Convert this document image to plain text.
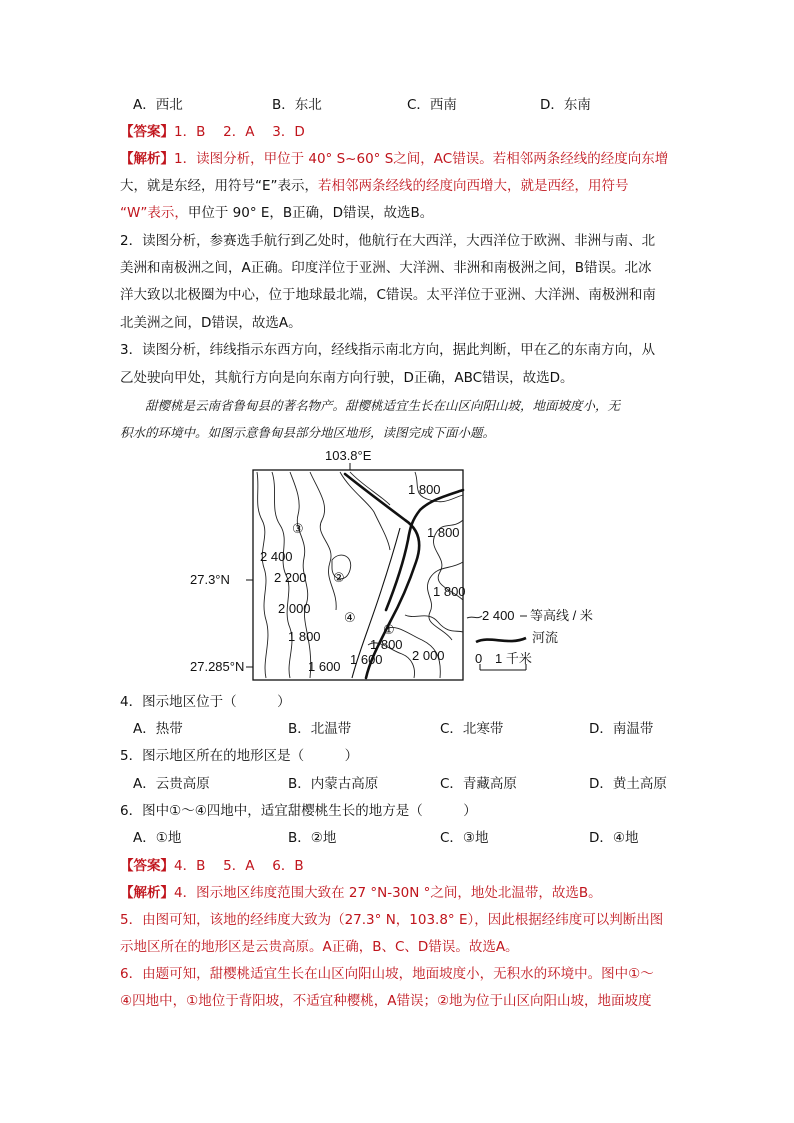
A．西北	B．东北	C．西南	D．东南
【答案】1．B　 2．A　 3．D
【解析】1．读图分析，甲位于 40° S~60° S之间，AC错误。若相邻两条经线的经度向东增
大，就是东经，用符号“E”表示，若相邻两条经线的经度向西增大，就是西经，用符号
“W”表示，甲位于 90° E，B正确，D错误，故选B。
2．读图分析，参赛选手航行到乙处时，他航行在大西洋，大西洋位于欧洲、非洲与南、北
美洲和南极洲之间，A正确。印度洋位于亚洲、大洋洲、非洲和南极洲之间，B错误。北冰
洋大致以北极圈为中心，位于地球最北端，C错误。太平洋位于亚洲、大洋洲、南极洲和南
北美洲之间，D错误，故选A。
3．读图分析，纬线指示东西方向，经线指示南北方向，据此判断，甲在乙的东南方向，从
乙处驶向甲处，其航行方向是向东南方向行驶，D正确，ABC错误，故选D。
甜樱桃是云南省鲁甸县的著名物产。甜樱桃适宜生长在山区向阳山坡，地面坡度小，无
积水的环境中。如图示意鲁甸县部分地区地形，读图完成下面小题。
103.8°E
27.3°N
27.285°N
1 800
1 800
2 400
2 200
2 000
1 800
1 600
1 800
1 800
1 600 2 000
③
②
④
①
2 400 等高线 / 米
河流
0 1 千米
4．图示地区位于（　　　）
A．热带	B．北温带	C．北寒带	D．南温带
5．图示地区所在的地形区是（　　　）
A．云贵高原	B．内蒙古高原	C．青藏高原	D．黄土高原
6．图中①～④四地中，适宜甜樱桃生长的地方是（　　　）
A．①地	B．②地	C．③地	D．④地
【答案】4．B　 5．A　 6．B
【解析】4．图示地区纬度范围大致在 27 °N-30N °之间，地处北温带，故选B。
5．由图可知，该地的经纬度大致为（27.3° N，103.8° E），因此根据经纬度可以判断出图
示地区所在的地形区是云贵高原。A正确，B、C、D错误。故选A。
6．由题可知，甜樱桃适宜生长在山区向阳山坡，地面坡度小，无积水的环境中。图中①～
④四地中，①地位于背阳坡，不适宜种樱桃，A错误；②地为位于山区向阳山坡，地面坡度
